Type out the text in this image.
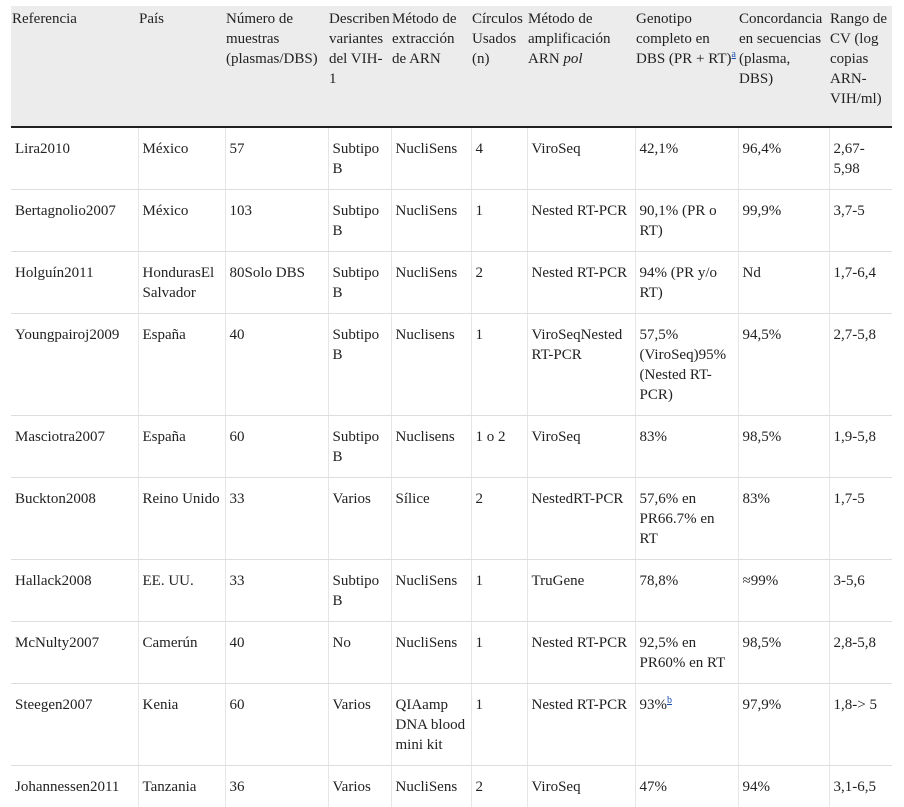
Referencia	País	Número de muestras (plasmas/DBS)	Describen variantes del VIH-1	Método de extracción de ARN	Círculos Usados (n)	Método de amplificación ARN pol	Genotipo completo en DBS (PR + RT)$^a$	Concordancia en secuencias (plasma, DBS)	Rango de CV (log copias ARN-VIH/ml)
Lira2010	México	57	Subtipo B	NucliSens	4	ViroSeq	42,1%	96,4%	2,67-5,98
Bertagnolio2007	México	103	Subtipo B	NucliSens	1	Nested RT-PCR	90,1% (PR o RT)	99,9%	3,7-5
Holguín2011	HondurasEl Salvador	80Solo DBS	Subtipo B	NucliSens	2	Nested RT-PCR	94% (PR y/o RT)	Nd	1,7-6,4
Youngpairoj2009	España	40	Subtipo B	Nuclisens	1	ViroSeqNested RT-PCR	57,5% (ViroSeq)95% (Nested RT-PCR)	94,5%	2,7-5,8
Masciotra2007	España	60	Subtipo B	Nuclisens	1 o 2	ViroSeq	83%	98,5%	1,9-5,8
Buckton2008	Reino Unido	33	Varios	Sílice	2	NestedRT-PCR	57,6% en PR66.7% en RT	83%	1,7-5
Hallack2008	EE. UU.	33	Subtipo B	NucliSens	1	TruGene	78,8%	≈99%	3-5,6
McNulty2007	Camerún	40	No	NucliSens	1	Nested RT-PCR	92,5% en PR60% en RT	98,5%	2,8-5,8
Steegen2007	Kenia	60	Varios	QIAamp DNA blood mini kit	1	Nested RT-PCR	93%$^b$	97,9%	1,8-> 5
Johannessen2011	Tanzania	36	Varios	NucliSens	2	ViroSeq	47%	94%	3,1-6,5
